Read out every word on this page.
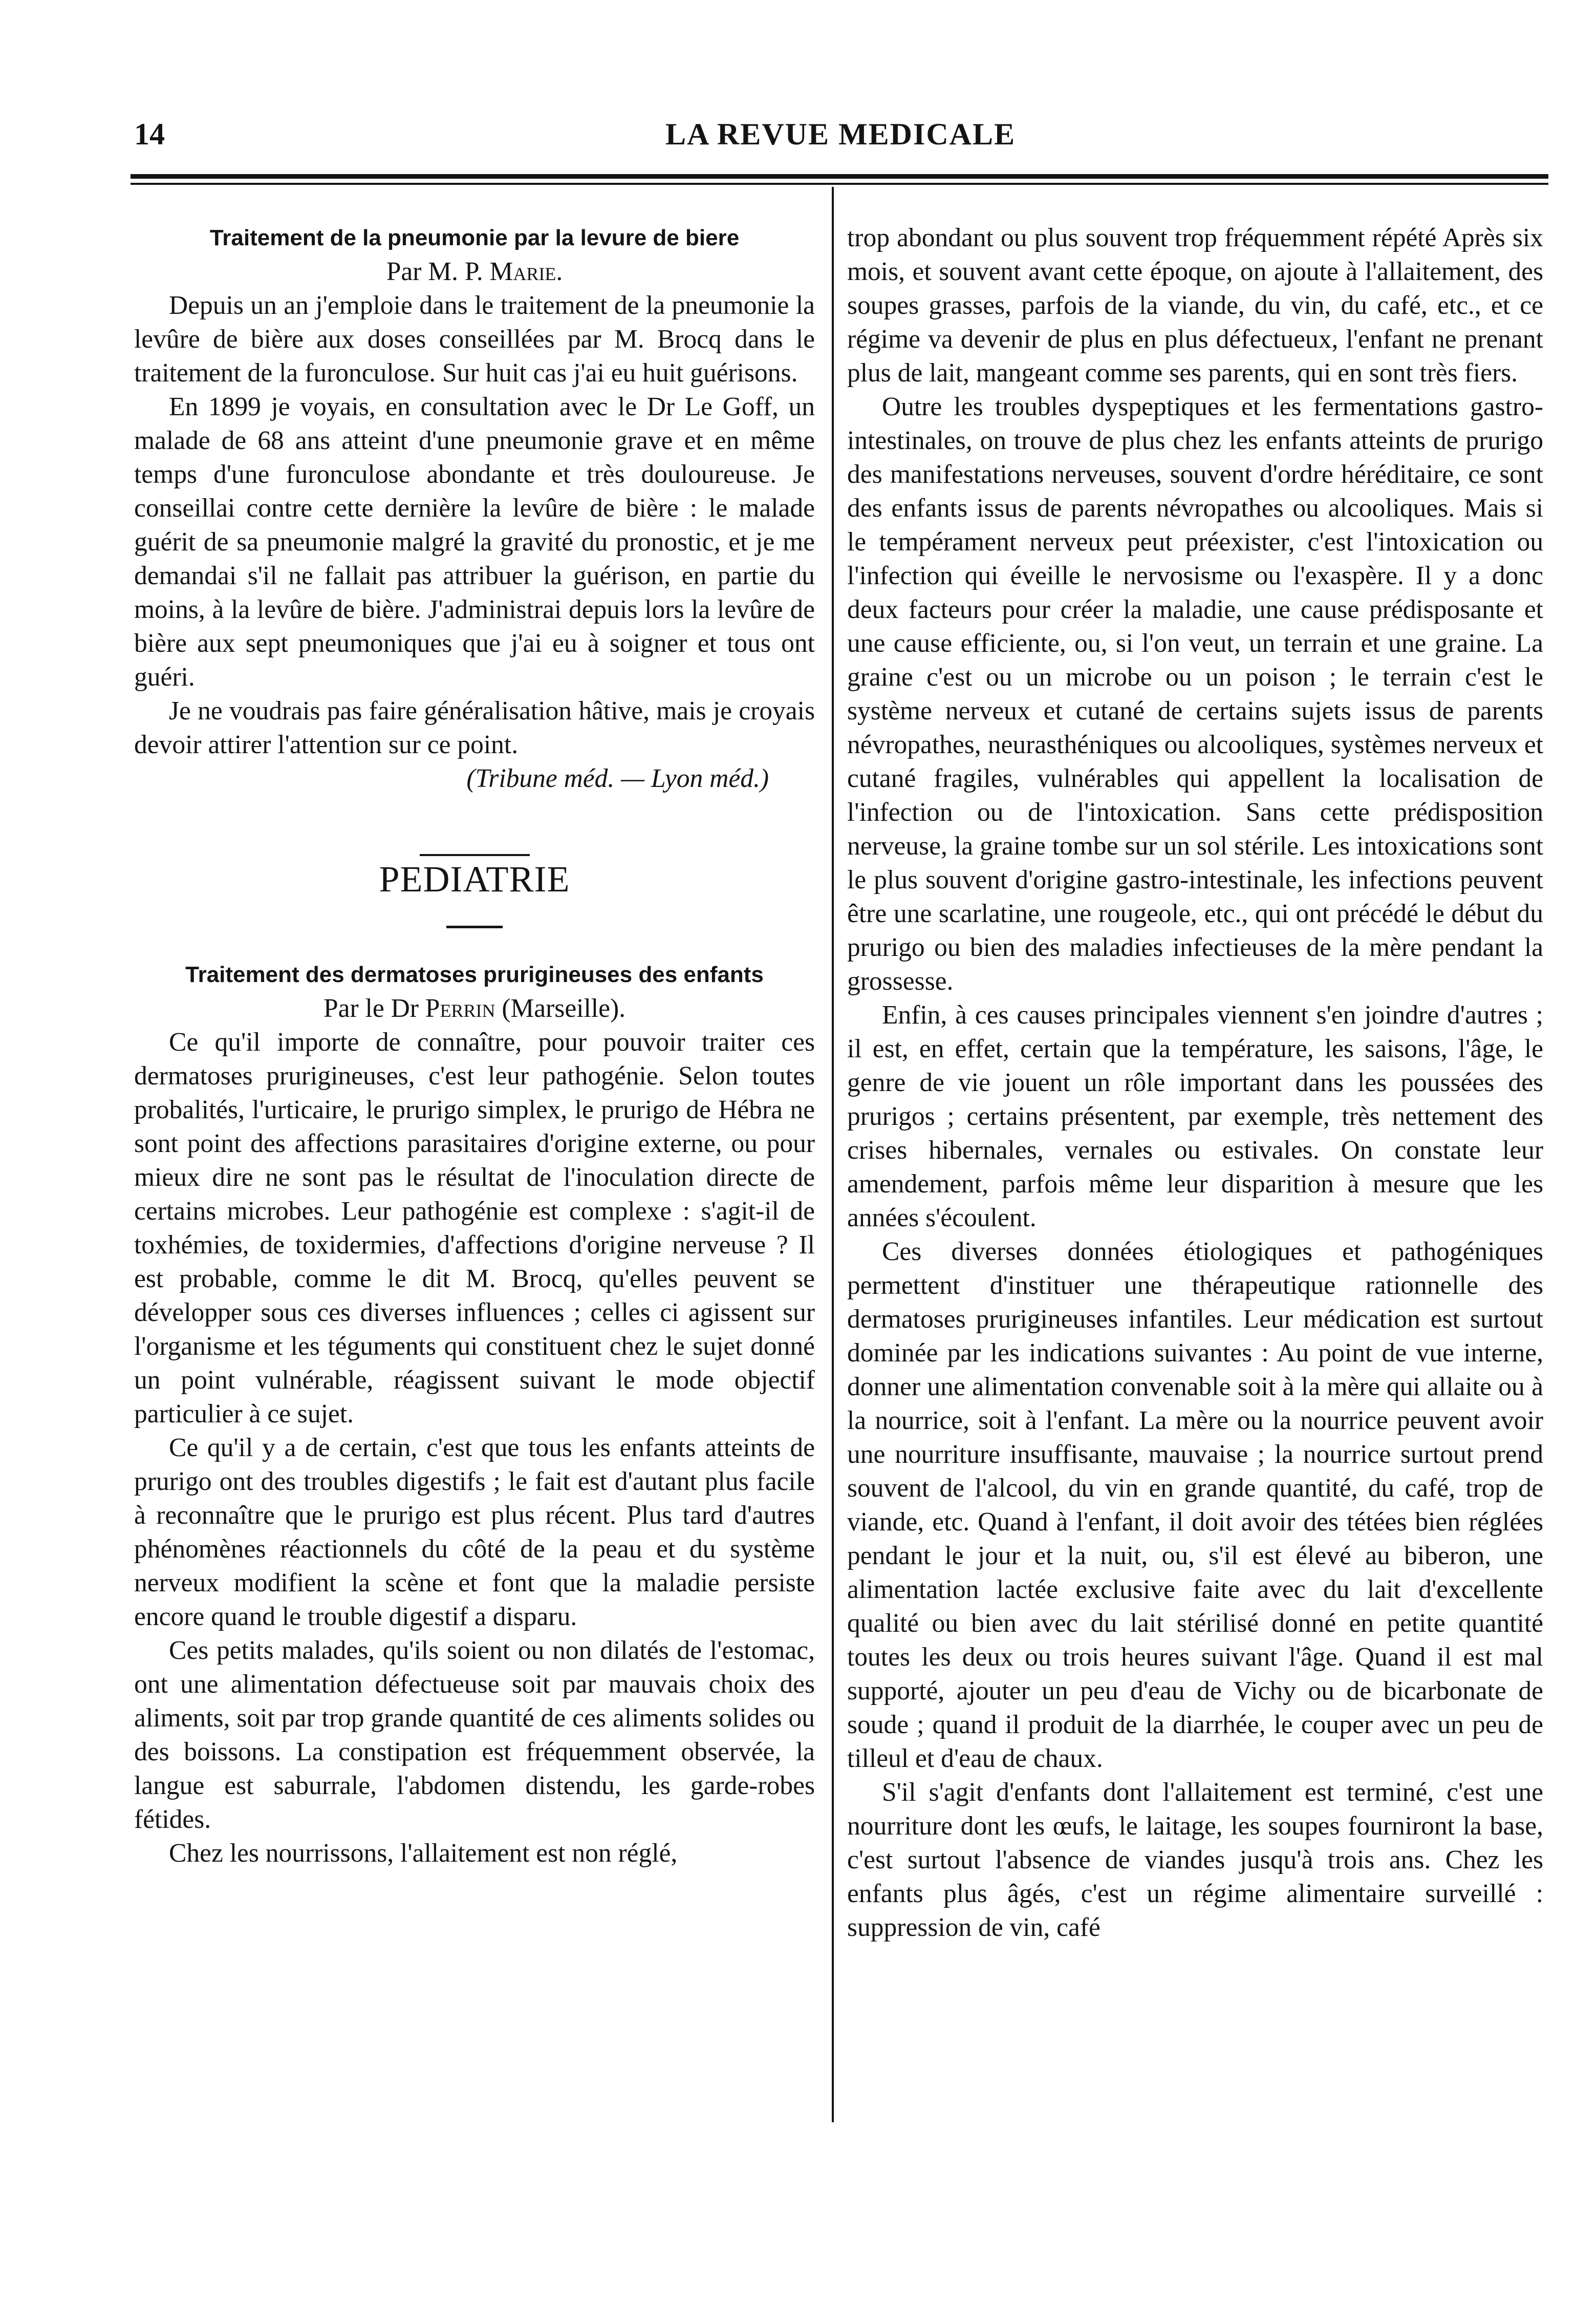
14	LA REVUE MEDICALE

Traitement de la pneumonie par la levure de biere

Par M. P. Marie.

Depuis un an j'emploie dans le traitement de la pneumonie la levûre de bière aux doses conseillées par M. Brocq dans le traitement de la furonculose. Sur huit cas j'ai eu huit guérisons.

En 1899 je voyais, en consultation avec le Dr Le Goff, un malade de 68 ans atteint d'une pneumonie grave et en même temps d'une furonculose abondante et très douloureuse. Je conseillai contre cette dernière la levûre de bière : le malade guérit de sa pneumonie malgré la gravité du pronostic, et je me demandai s'il ne fallait pas attribuer la guérison, en partie du moins, à la levûre de bière. J'administrai depuis lors la levûre de bière aux sept pneumoniques que j'ai eu à soigner et tous ont guéri.

Je ne voudrais pas faire généralisation hâtive, mais je croyais devoir attirer l'attention sur ce point.

(Tribune méd. — Lyon méd.)

PEDIATRIE

Traitement des dermatoses prurigineuses des enfants

Par le Dr Perrin (Marseille).

Ce qu'il importe de connaître, pour pouvoir traiter ces dermatoses prurigineuses, c'est leur pathogénie. Selon toutes probalités, l'urticaire, le prurigo simplex, le prurigo de Hébra ne sont point des affections parasitaires d'origine externe, ou pour mieux dire ne sont pas le résultat de l'inoculation directe de certains microbes. Leur pathogénie est complexe : s'agit-il de toxhémies, de toxidermies, d'affections d'origine nerveuse ? Il est probable, comme le dit M. Brocq, qu'elles peuvent se développer sous ces diverses influences ; celles ci agissent sur l'organisme et les téguments qui constituent chez le sujet donné un point vulnérable, réagissent suivant le mode objectif particulier à ce sujet.

Ce qu'il y a de certain, c'est que tous les enfants atteints de prurigo ont des troubles digestifs ; le fait est d'autant plus facile à reconnaître que le prurigo est plus récent. Plus tard d'autres phénomènes réactionnels du côté de la peau et du système nerveux modifient la scène et font que la maladie persiste encore quand le trouble digestif a disparu.

Ces petits malades, qu'ils soient ou non dilatés de l'estomac, ont une alimentation défectueuse soit par mauvais choix des aliments, soit par trop grande quantité de ces aliments solides ou des boissons. La constipation est fréquemment observée, la langue est saburrale, l'abdomen distendu, les garde-robes fétides.

Chez les nourrissons, l'allaitement est non réglé,

trop abondant ou plus souvent trop fréquemment répété Après six mois, et souvent avant cette époque, on ajoute à l'allaitement, des soupes grasses, parfois de la viande, du vin, du café, etc., et ce régime va devenir de plus en plus défectueux, l'enfant ne prenant plus de lait, mangeant comme ses parents, qui en sont très fiers.

Outre les troubles dyspeptiques et les fermentations gastro-intestinales, on trouve de plus chez les enfants atteints de prurigo des manifestations nerveuses, souvent d'ordre héréditaire, ce sont des enfants issus de parents névropathes ou alcooliques. Mais si le tempérament nerveux peut préexister, c'est l'intoxication ou l'infection qui éveille le nervosisme ou l'exaspère. Il y a donc deux facteurs pour créer la maladie, une cause prédisposante et une cause efficiente, ou, si l'on veut, un terrain et une graine. La graine c'est ou un microbe ou un poison ; le terrain c'est le système nerveux et cutané de certains sujets issus de parents névropathes, neurasthéniques ou alcooliques, systèmes nerveux et cutané fragiles, vulnérables qui appellent la localisation de l'infection ou de l'intoxication. Sans cette prédisposition nerveuse, la graine tombe sur un sol stérile. Les intoxications sont le plus souvent d'origine gastro-intestinale, les infections peuvent être une scarlatine, une rougeole, etc., qui ont précédé le début du prurigo ou bien des maladies infectieuses de la mère pendant la grossesse.

Enfin, à ces causes principales viennent s'en joindre d'autres ; il est, en effet, certain que la température, les saisons, l'âge, le genre de vie jouent un rôle important dans les poussées des prurigos ; certains présentent, par exemple, très nettement des crises hibernales, vernales ou estivales. On constate leur amendement, parfois même leur disparition à mesure que les années s'écoulent.

Ces diverses données étiologiques et pathogéniques permettent d'instituer une thérapeutique rationnelle des dermatoses prurigineuses infantiles. Leur médication est surtout dominée par les indications suivantes : Au point de vue interne, donner une alimentation convenable soit à la mère qui allaite ou à la nourrice, soit à l'enfant. La mère ou la nourrice peuvent avoir une nourriture insuffisante, mauvaise ; la nourrice surtout prend souvent de l'alcool, du vin en grande quantité, du café, trop de viande, etc. Quand à l'enfant, il doit avoir des tétées bien réglées pendant le jour et la nuit, ou, s'il est élevé au biberon, une alimentation lactée exclusive faite avec du lait d'excellente qualité ou bien avec du lait stérilisé donné en petite quantité toutes les deux ou trois heures suivant l'âge. Quand il est mal supporté, ajouter un peu d'eau de Vichy ou de bicarbonate de soude ; quand il produit de la diarrhée, le couper avec un peu de tilleul et d'eau de chaux.

S'il s'agit d'enfants dont l'allaitement est terminé, c'est une nourriture dont les œufs, le laitage, les soupes fourniront la base, c'est surtout l'absence de viandes jusqu'à trois ans. Chez les enfants plus âgés, c'est un régime alimentaire surveillé : suppression de vin, café
